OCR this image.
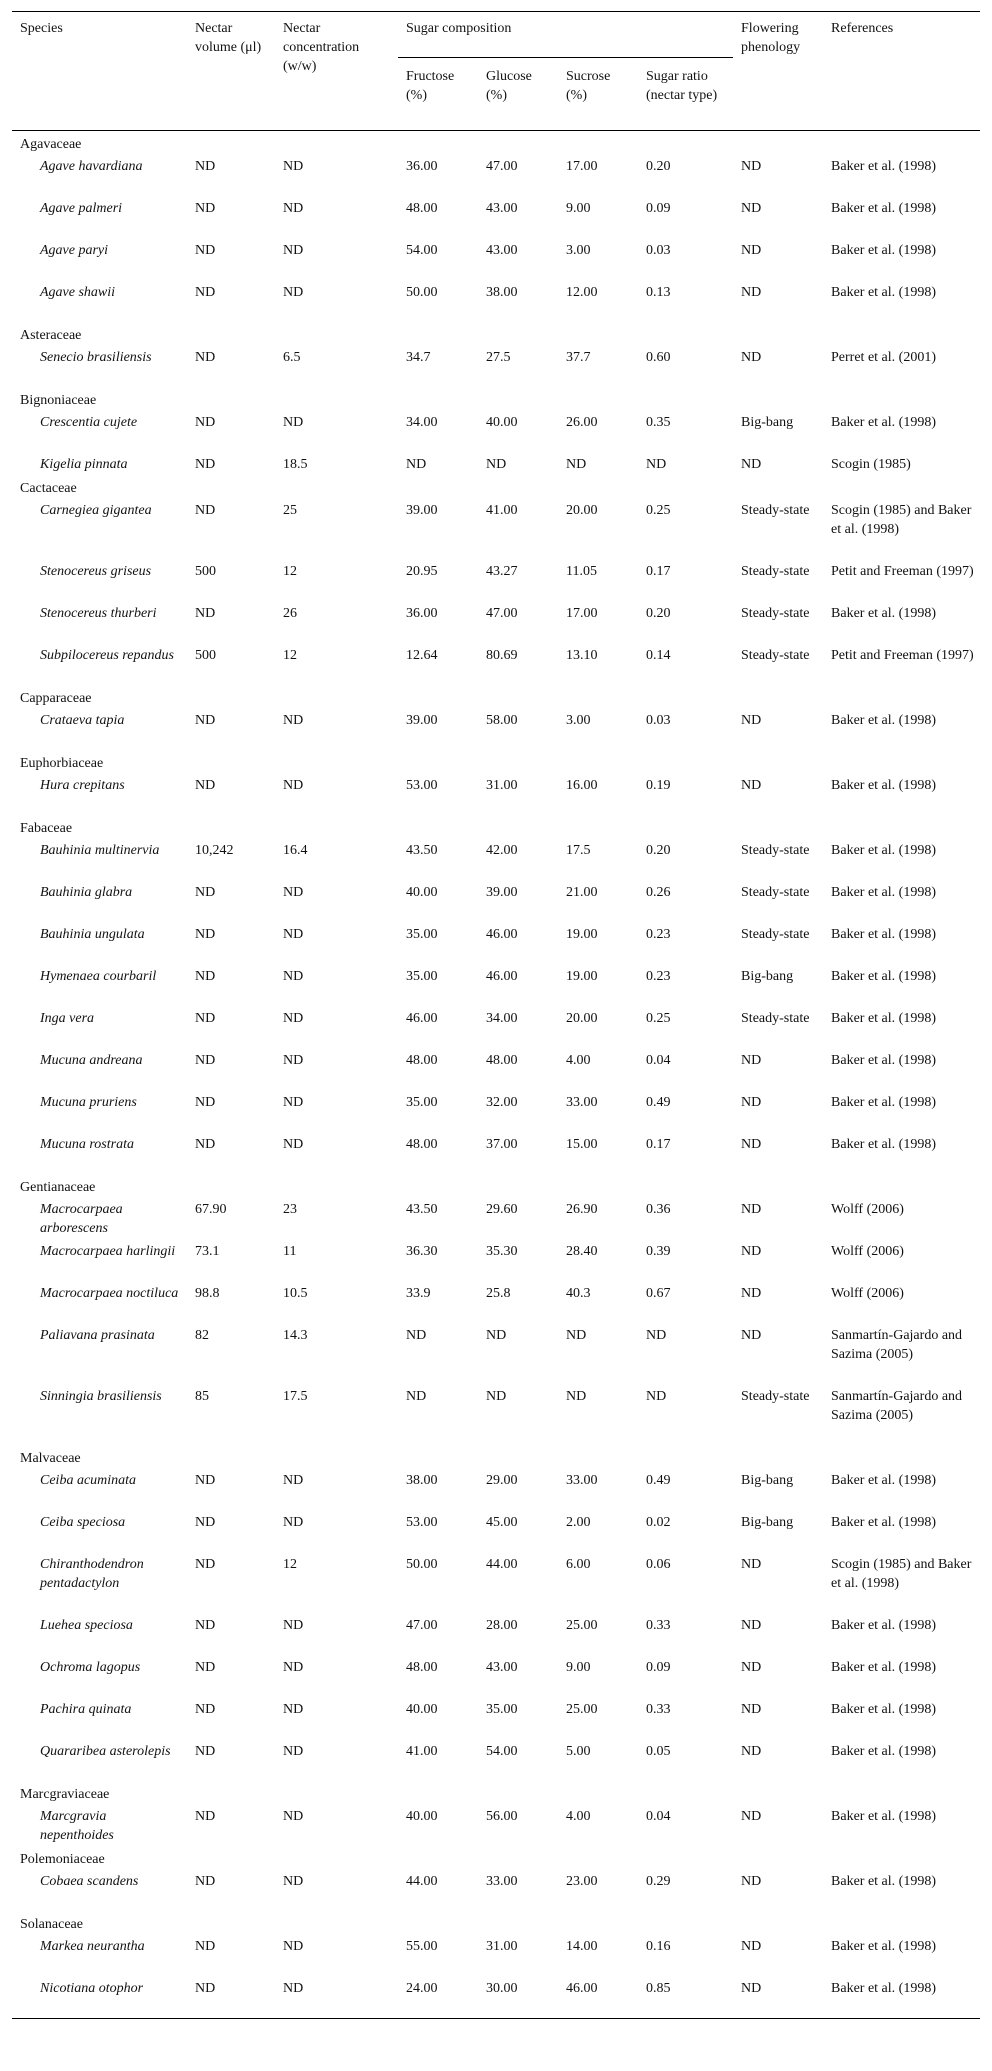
Species	Nectar volume (μl)	Nectar concentration (w/w)	Sugar composition				Flowering phenology	References
			Fructose (%)	Glucose (%)	Sucrose (%)	Sugar ratio (nectar type)		
Agavaceae								
Agave havardiana	ND	ND	36.00	47.00	17.00	0.20	ND	Baker et al. (1998)
Agave palmeri	ND	ND	48.00	43.00	9.00	0.09	ND	Baker et al. (1998)
Agave paryi	ND	ND	54.00	43.00	3.00	0.03	ND	Baker et al. (1998)
Agave shawii	ND	ND	50.00	38.00	12.00	0.13	ND	Baker et al. (1998)
Asteraceae								
Senecio brasiliensis	ND	6.5	34.7	27.5	37.7	0.60	ND	Perret et al. (2001)
Bignoniaceae								
Crescentia cujete	ND	ND	34.00	40.00	26.00	0.35	Big-bang	Baker et al. (1998)
Kigelia pinnata	ND	18.5	ND	ND	ND	ND	ND	Scogin (1985)
Cactaceae								
Carnegiea gigantea	ND	25	39.00	41.00	20.00	0.25	Steady-state	Scogin (1985) and Baker et al. (1998)
Stenocereus griseus	500	12	20.95	43.27	11.05	0.17	Steady-state	Petit and Freeman (1997)
Stenocereus thurberi	ND	26	36.00	47.00	17.00	0.20	Steady-state	Baker et al. (1998)
Subpilocereus repandus	500	12	12.64	80.69	13.10	0.14	Steady-state	Petit and Freeman (1997)
Capparaceae								
Crataeva tapia	ND	ND	39.00	58.00	3.00	0.03	ND	Baker et al. (1998)
Euphorbiaceae								
Hura crepitans	ND	ND	53.00	31.00	16.00	0.19	ND	Baker et al. (1998)
Fabaceae								
Bauhinia multinervia	10,242	16.4	43.50	42.00	17.5	0.20	Steady-state	Baker et al. (1998)
Bauhinia glabra	ND	ND	40.00	39.00	21.00	0.26	Steady-state	Baker et al. (1998)
Bauhinia ungulata	ND	ND	35.00	46.00	19.00	0.23	Steady-state	Baker et al. (1998)
Hymenaea courbaril	ND	ND	35.00	46.00	19.00	0.23	Big-bang	Baker et al. (1998)
Inga vera	ND	ND	46.00	34.00	20.00	0.25	Steady-state	Baker et al. (1998)
Mucuna andreana	ND	ND	48.00	48.00	4.00	0.04	ND	Baker et al. (1998)
Mucuna pruriens	ND	ND	35.00	32.00	33.00	0.49	ND	Baker et al. (1998)
Mucuna rostrata	ND	ND	48.00	37.00	15.00	0.17	ND	Baker et al. (1998)
Gentianaceae								
Macrocarpaea arborescens	67.90	23	43.50	29.60	26.90	0.36	ND	Wolff (2006)
Macrocarpaea harlingii	73.1	11	36.30	35.30	28.40	0.39	ND	Wolff (2006)
Macrocarpaea noctiluca	98.8	10.5	33.9	25.8	40.3	0.67	ND	Wolff (2006)
Paliavana prasinata	82	14.3	ND	ND	ND	ND	ND	Sanmartín-Gajardo and Sazima (2005)
Sinningia brasiliensis	85	17.5	ND	ND	ND	ND	Steady-state	Sanmartín-Gajardo and Sazima (2005)
Malvaceae								
Ceiba acuminata	ND	ND	38.00	29.00	33.00	0.49	Big-bang	Baker et al. (1998)
Ceiba speciosa	ND	ND	53.00	45.00	2.00	0.02	Big-bang	Baker et al. (1998)
Chiranthodendron pentadactylon	ND	12	50.00	44.00	6.00	0.06	ND	Scogin (1985) and Baker et al. (1998)
Luehea speciosa	ND	ND	47.00	28.00	25.00	0.33	ND	Baker et al. (1998)
Ochroma lagopus	ND	ND	48.00	43.00	9.00	0.09	ND	Baker et al. (1998)
Pachira quinata	ND	ND	40.00	35.00	25.00	0.33	ND	Baker et al. (1998)
Quararibea asterolepis	ND	ND	41.00	54.00	5.00	0.05	ND	Baker et al. (1998)
Marcgraviaceae								
Marcgravia nepenthoides	ND	ND	40.00	56.00	4.00	0.04	ND	Baker et al. (1998)
Polemoniaceae								
Cobaea scandens	ND	ND	44.00	33.00	23.00	0.29	ND	Baker et al. (1998)
Solanaceae								
Markea neurantha	ND	ND	55.00	31.00	14.00	0.16	ND	Baker et al. (1998)
Nicotiana otophor	ND	ND	24.00	30.00	46.00	0.85	ND	Baker et al. (1998)
